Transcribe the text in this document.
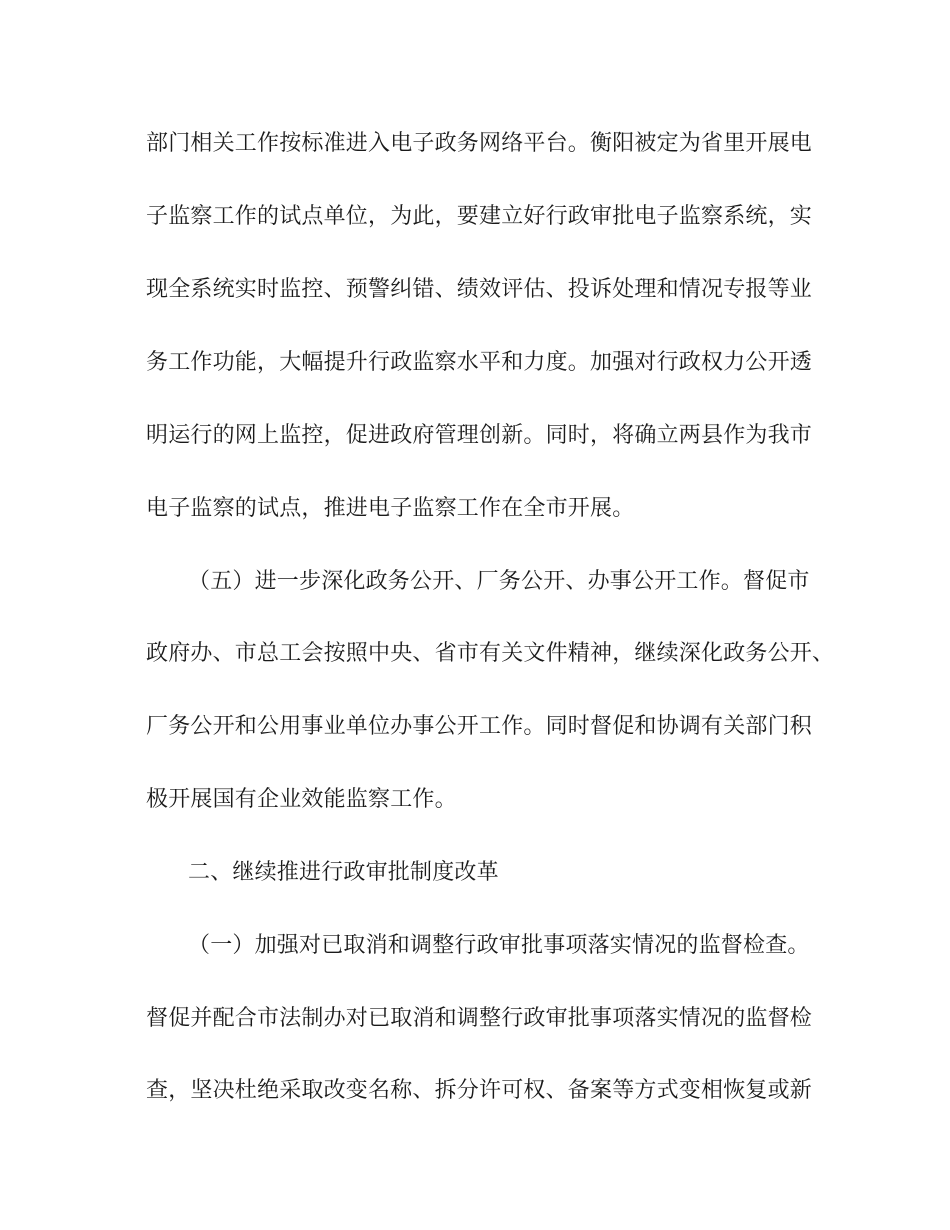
部门相关工作按标准进入电子政务网络平台。衡阳被定为省里开展电
子监察工作的试点单位，为此，要建立好行政审批电子监察系统，实
现全系统实时监控、预警纠错、绩效评估、投诉处理和情况专报等业
务工作功能，大幅提升行政监察水平和力度。加强对行政权力公开透
明运行的网上监控，促进政府管理创新。同时，将确立两县作为我市
电子监察的试点，推进电子监察工作在全市开展。
（五）进一步深化政务公开、厂务公开、办事公开工作。督促市
政府办、市总工会按照中央、省市有关文件精神，继续深化政务公开、
厂务公开和公用事业单位办事公开工作。同时督促和协调有关部门积
极开展国有企业效能监察工作。
二、继续推进行政审批制度改革
（一）加强对已取消和调整行政审批事项落实情况的监督检查。
督促并配合市法制办对已取消和调整行政审批事项落实情况的监督检
查，坚决杜绝采取改变名称、拆分许可权、备案等方式变相恢复或新
